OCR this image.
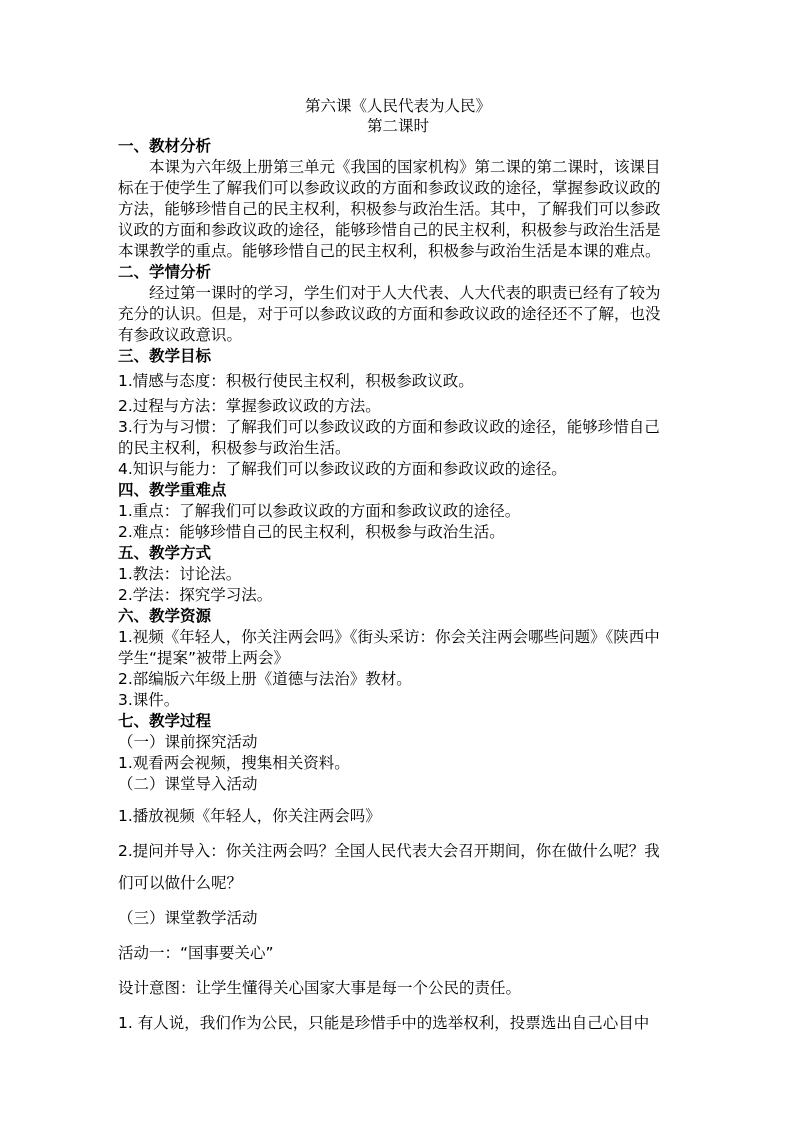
第六课《人民代表为人民》
第二课时
一、教材分析
本课为六年级上册第三单元《我国的国家机构》第二课的第二课时，该课目
标在于使学生了解我们可以参政议政的方面和参政议政的途径，掌握参政议政的
方法，能够珍惜自己的民主权利，积极参与政治生活。其中，了解我们可以参政
议政的方面和参政议政的途径，能够珍惜自己的民主权利，积极参与政治生活是
本课教学的重点。能够珍惜自己的民主权利，积极参与政治生活是本课的难点。
二、学情分析
经过第一课时的学习，学生们对于人大代表、人大代表的职责已经有了较为
充分的认识。但是，对于可以参政议政的方面和参政议政的途径还不了解，也没
有参政议政意识。
三、教学目标
1.情感与态度：积极行使民主权利，积极参政议政。
2.过程与方法：掌握参政议政的方法。
3.行为与习惯：了解我们可以参政议政的方面和参政议政的途径，能够珍惜自己
的民主权利，积极参与政治生活。
4.知识与能力：了解我们可以参政议政的方面和参政议政的途径。
四、教学重难点
1.重点：了解我们可以参政议政的方面和参政议政的途径。
2.难点：能够珍惜自己的民主权利，积极参与政治生活。
五、教学方式
1.教法：讨论法。
2.学法：探究学习法。
六、教学资源
1.视频《年轻人，你关注两会吗》《街头采访：你会关注两会哪些问题》《陕西中
学生“提案”被带上两会》
2.部编版六年级上册《道德与法治》教材。
3.课件。
七、教学过程
（一）课前探究活动
1.观看两会视频，搜集相关资料。
（二）课堂导入活动
1.播放视频《年轻人，你关注两会吗》
2.提问并导入：你关注两会吗？全国人民代表大会召开期间，你在做什么呢？我
们可以做什么呢？
（三）课堂教学活动
活动一：“国事要关心”
设计意图：让学生懂得关心国家大事是每一个公民的责任。
1. 有人说，我们作为公民，只能是珍惜手中的选举权利，投票选出自己心目中
